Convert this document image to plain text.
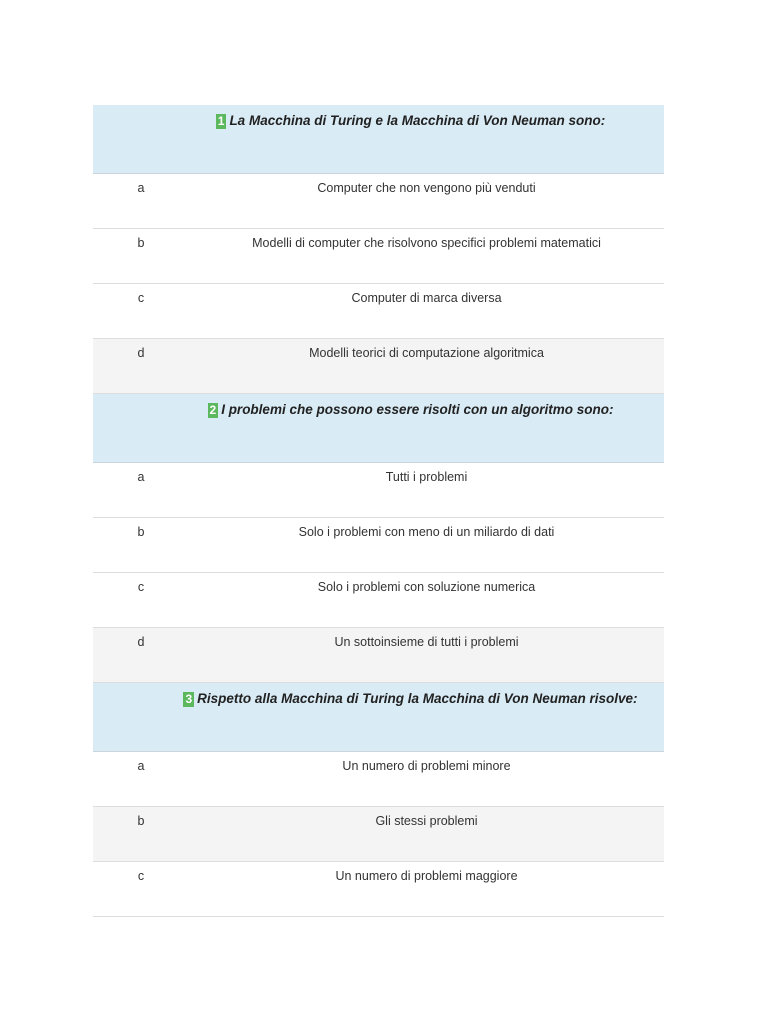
1 La Macchina di Turing e la Macchina di Von Neuman sono:
a	Computer che non vengono più venduti
b	Modelli di computer che risolvono specifici problemi matematici
c	Computer di marca diversa
d	Modelli teorici di computazione algoritmica
2 I problemi che possono essere risolti con un algoritmo sono:
a	Tutti i problemi
b	Solo i problemi con meno di un miliardo di dati
c	Solo i problemi con soluzione numerica
d	Un sottoinsieme di tutti i problemi
3 Rispetto alla Macchina di Turing la Macchina di Von Neuman risolve:
a	Un numero di problemi minore
b	Gli stessi problemi
c	Un numero di problemi maggiore
